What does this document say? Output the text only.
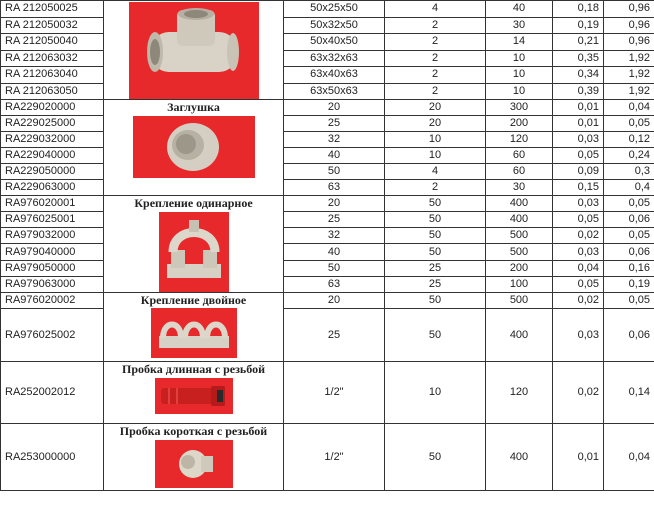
RA 212050025		50x25x50	4	40	0,18	0,96
RA 212050032		50x32x50	2	30	0,19	0,96
RA 212050040		50x40x50	2	14	0,21	0,96
RA 212063032		63x32x63	2	10	0,35	1,92
RA 212063040		63x40x63	2	10	0,34	1,92
RA 212063050		63x50x63	2	10	0,39	1,92
RA229020000	Заглушка	20	20	300	0,01	0,04
RA229025000		25	20	200	0,01	0,05
RA229032000		32	10	120	0,03	0,12
RA229040000		40	10	60	0,05	0,24
RA229050000		50	4	60	0,09	0,3
RA229063000		63	2	30	0,15	0,4
RA976020001	Крепление одинарное	20	50	400	0,03	0,05
RA976025001		25	50	400	0,05	0,06
RA979032000		32	50	500	0,02	0,05
RA979040000		40	50	500	0,03	0,06
RA979050000		50	25	200	0,04	0,16
RA979063000		63	25	100	0,05	0,19
RA976020002	Крепление двойное	20	50	500	0,02	0,05
RA976025002		25	50	400	0,03	0,06
RA252002012	Пробка длинная с резьбой	1/2"	10	120	0,02	0,14
RA253000000	Пробка короткая с резьбой	1/2"	50	400	0,01	0,04
